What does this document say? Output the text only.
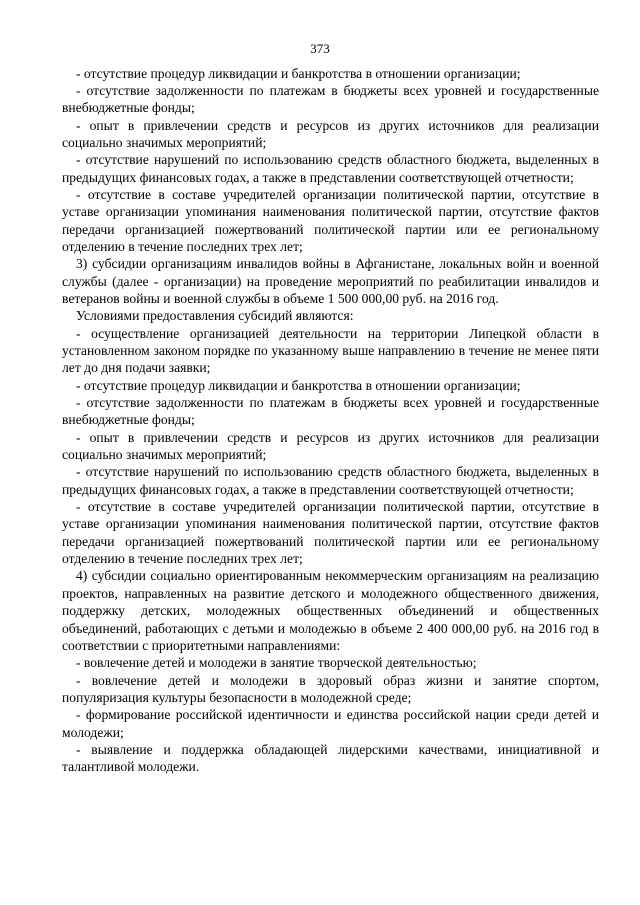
373

- отсутствие процедур ликвидации и банкротства в отношении организации;

- отсутствие задолженности по платежам в бюджеты всех уровней и государственные внебюджетные фонды;

- опыт в привлечении средств и ресурсов из других источников для реализации социально значимых мероприятий;

- отсутствие нарушений по использованию средств областного бюджета, выделенных в предыдущих финансовых годах, а также в представлении соответствующей отчетности;

- отсутствие в составе учредителей организации политической партии, отсутствие в уставе организации упоминания наименования политической партии, отсутствие фактов передачи организацией пожертвований политической партии или ее региональному отделению в течение последних трех лет;

3) субсидии организациям инвалидов войны в Афганистане, локальных войн и военной службы (далее - организации) на проведение мероприятий по реабилитации инвалидов и ветеранов войны и военной службы в объеме 1 500 000,00 руб. на 2016 год.

Условиями предоставления субсидий являются:

- осуществление организацией деятельности на территории Липецкой области в установленном законом порядке по указанному выше направлению в течение не менее пяти лет до дня подачи заявки;

- отсутствие процедур ликвидации и банкротства в отношении организации;

- отсутствие задолженности по платежам в бюджеты всех уровней и государственные внебюджетные фонды;

- опыт в привлечении средств и ресурсов из других источников для реализации социально значимых мероприятий;

- отсутствие нарушений по использованию средств областного бюджета, выделенных в предыдущих финансовых годах, а также в представлении соответствующей отчетности;

- отсутствие в составе учредителей организации политической партии, отсутствие в уставе организации упоминания наименования политической партии, отсутствие фактов передачи организацией пожертвований политической партии или ее региональному отделению в течение последних трех лет;

4) субсидии социально ориентированным некоммерческим организациям на реализацию проектов, направленных на развитие детского и молодежного общественного движения, поддержку детских, молодежных общественных объединений и общественных объединений, работающих с детьми и молодежью в объеме 2 400 000,00 руб. на 2016 год в соответствии с приоритетными направлениями:

- вовлечение детей и молодежи в занятие творческой деятельностью;

- вовлечение детей и молодежи в здоровый образ жизни и занятие спортом, популяризация культуры безопасности в молодежной среде;

- формирование российской идентичности и единства российской нации среди детей и молодежи;

- выявление и поддержка обладающей лидерскими качествами, инициативной и талантливой молодежи.
